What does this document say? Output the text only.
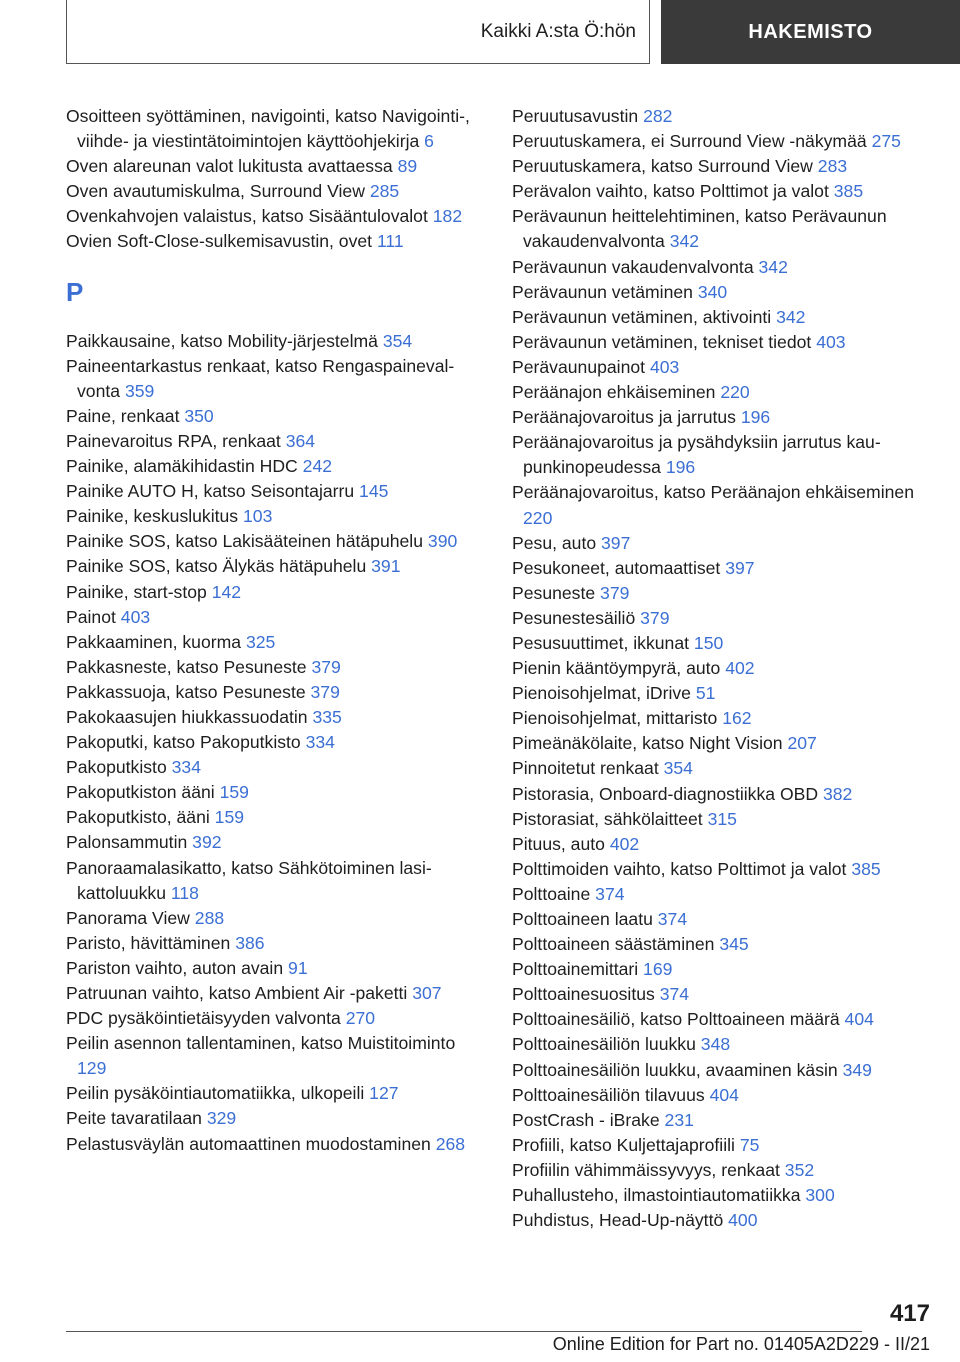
Kaikki A:sta Ö:hön	HAKEMISTO

Osoitteen syöttäminen, navigointi, katso Navigointi-, viihde- ja viestintätoimintojen käyttöohjekirja 6

Oven alareunan valot lukitusta avattaessa 89

Oven avautumiskulma, Surround View 285

Ovenkahvojen valaistus, katso Sisääntulovalot 182

Ovien Soft-Close-sulkemisavustin, ovet 111

P

Paikkausaine, katso Mobility-järjestelmä 354

Paineentarkastus renkaat, katso Rengaspainevalvonta 359

Paine, renkaat 350

Painevaroitus RPA, renkaat 364

Painike, alamäkihidastin HDC 242

Painike AUTO H, katso Seisontajarru 145

Painike, keskuslukitus 103

Painike SOS, katso Lakisääteinen hätäpuhelu 390

Painike SOS, katso Älykäs hätäpuhelu 391

Painike, start-stop 142

Painot 403

Pakkaaminen, kuorma 325

Pakkasneste, katso Pesuneste 379

Pakkassuoja, katso Pesuneste 379

Pakokaasujen hiukkassuodatin 335

Pakoputki, katso Pakoputkisto 334

Pakoputkisto 334

Pakoputkiston ääni 159

Pakoputkisto, ääni 159

Palonsammutin 392

Panoraamalasikatto, katso Sähkötoiminen lasikattoluukku 118

Panorama View 288

Paristo, hävittäminen 386

Pariston vaihto, auton avain 91

Patruunan vaihto, katso Ambient Air -paketti 307

PDC pysäköintietäisyyden valvonta 270

Peilin asennon tallentaminen, katso Muistitoiminto 129

Peilin pysäköintiautomatiikka, ulkopeili 127

Peite tavaratilaan 329

Pelastusväylän automaattinen muodostaminen 268

Peruutusavustin 282

Peruutuskamera, ei Surround View -näkymää 275

Peruutuskamera, katso Surround View 283

Perävalon vaihto, katso Polttimot ja valot 385

Perävaunun heittelehtiminen, katso Perävaunun vakaudenvalvonta 342

Perävaunun vakaudenvalvonta 342

Perävaunun vetäminen 340

Perävaunun vetäminen, aktivointi 342

Perävaunun vetäminen, tekniset tiedot 403

Perävaunupainot 403

Peräänajon ehkäiseminen 220

Peräänajovaroitus ja jarrutus 196

Peräänajovaroitus ja pysähdyksiin jarrutus kaupunkinopeudessa 196

Peräänajovaroitus, katso Peräänajon ehkäiseminen 220

Pesu, auto 397

Pesukoneet, automaattiset 397

Pesuneste 379

Pesunestesäiliö 379

Pesusuuttimet, ikkunat 150

Pienin kääntöympyrä, auto 402

Pienoisohjelmat, iDrive 51

Pienoisohjelmat, mittaristo 162

Pimeänäkölaite, katso Night Vision 207

Pinnoitetut renkaat 354

Pistorasia, Onboard-diagnostiikka OBD 382

Pistorasiat, sähkölaitteet 315

Pituus, auto 402

Polttimoiden vaihto, katso Polttimot ja valot 385

Polttoaine 374

Polttoaineen laatu 374

Polttoaineen säästäminen 345

Polttoainemittari 169

Polttoainesuositus 374

Polttoainesäiliö, katso Polttoaineen määrä 404

Polttoainesäiliön luukku 348

Polttoainesäiliön luukku, avaaminen käsin 349

Polttoainesäiliön tilavuus 404

PostCrash - iBrake 231

Profiili, katso Kuljettajaprofiili 75

Profiilin vähimmäissyvyys, renkaat 352

Puhallusteho, ilmastointiautomatiikka 300

Puhdistus, Head-Up-näyttö 400

417
Online Edition for Part no. 01405A2D229 - II/21
